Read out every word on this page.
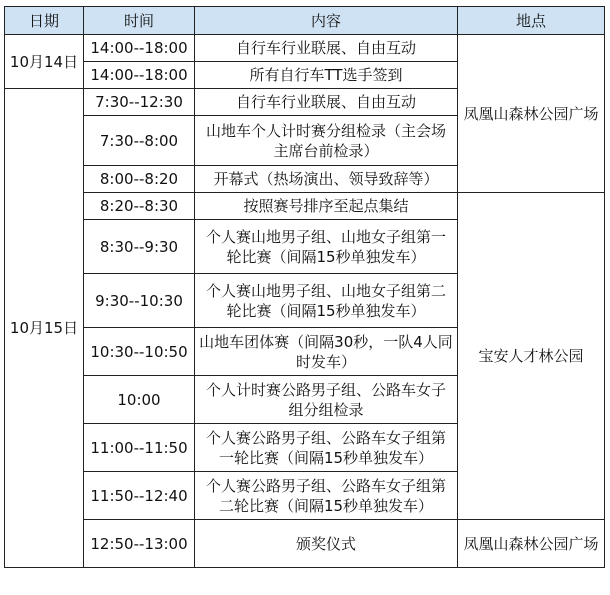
日期	时间	内容	地点
10月14日	14:00--18:00	自行车行业联展、自由互动	凤凰山森林公园广场
	14:00--18:00	所有自行车TT选手签到	
10月15日	7:30--12:30	自行车行业联展、自由互动	
	7:30--8:00	山地车个人计时赛分组检录（主会场主席台前检录）	
	8:00--8:20	开幕式（热场演出、领导致辞等）	
	8:20--8:30	按照赛号排序至起点集结	宝安人才林公园
	8:30--9:30	个人赛山地男子组、山地女子组第一轮比赛（间隔15秒单独发车）	
	9:30--10:30	个人赛山地男子组、山地女子组第二轮比赛（间隔15秒单独发车）	
	10:30--10:50	山地车团体赛（间隔30秒，一队4人同时发车）	
	10:00	个人计时赛公路男子组、公路车女子组分组检录	
	11:00--11:50	个人赛公路男子组、公路车女子组第一轮比赛（间隔15秒单独发车）	
	11:50--12:40	个人赛公路男子组、公路车女子组第二轮比赛（间隔15秒单独发车）	
	12:50--13:00	颁奖仪式	凤凰山森林公园广场
